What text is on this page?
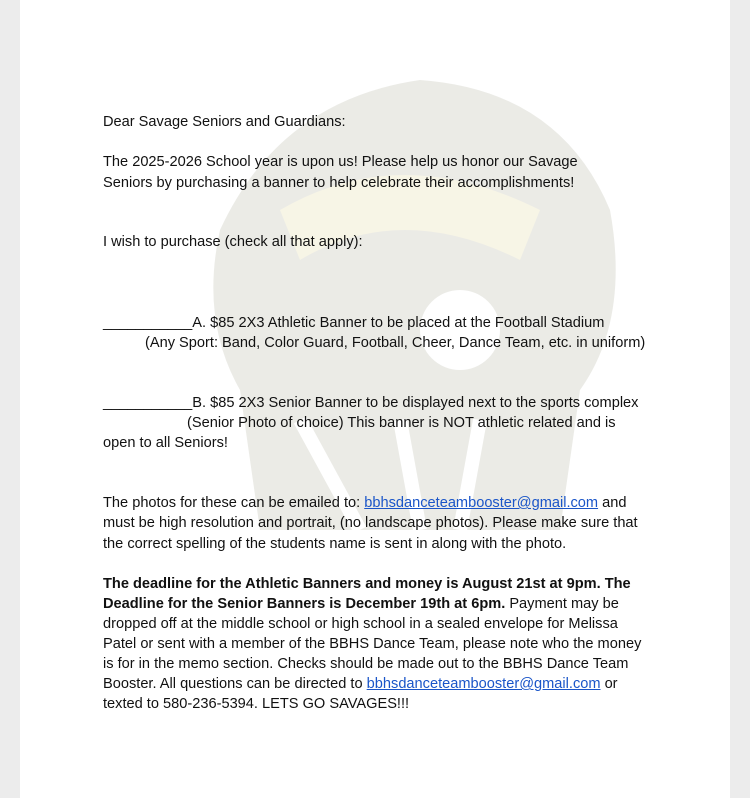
Dear Savage Seniors and Guardians:
The 2025-2026 School year is upon us! Please help us honor our Savage
Seniors by purchasing a banner to help celebrate their accomplishments!
I wish to purchase (check all that apply):
___________A. $85 2X3 Athletic Banner to be placed at the Football Stadium
(Any Sport: Band, Color Guard, Football, Cheer, Dance Team, etc. in uniform)
___________B. $85 2X3 Senior Banner to be displayed next to the sports complex
(Senior Photo of choice) This banner is NOT athletic related and is
open to all Seniors!
The photos for these can be emailed to: bbhsdanceteambooster@gmail.com and
must be high resolution and portrait, (no landscape photos). Please make sure that
the correct spelling of the students name is sent in along with the photo.
The deadline for the Athletic Banners and money is August 21st at 9pm. The
Deadline for the Senior Banners is December 19th at 6pm. Payment may be
dropped off at the middle school or high school in a sealed envelope for Melissa
Patel or sent with a member of the BBHS Dance Team, please note who the money
is for in the memo section. Checks should be made out to the BBHS Dance Team
Booster. All questions can be directed to bbhsdanceteambooster@gmail.com or
texted to 580-236-5394. LETS GO SAVAGES!!!
